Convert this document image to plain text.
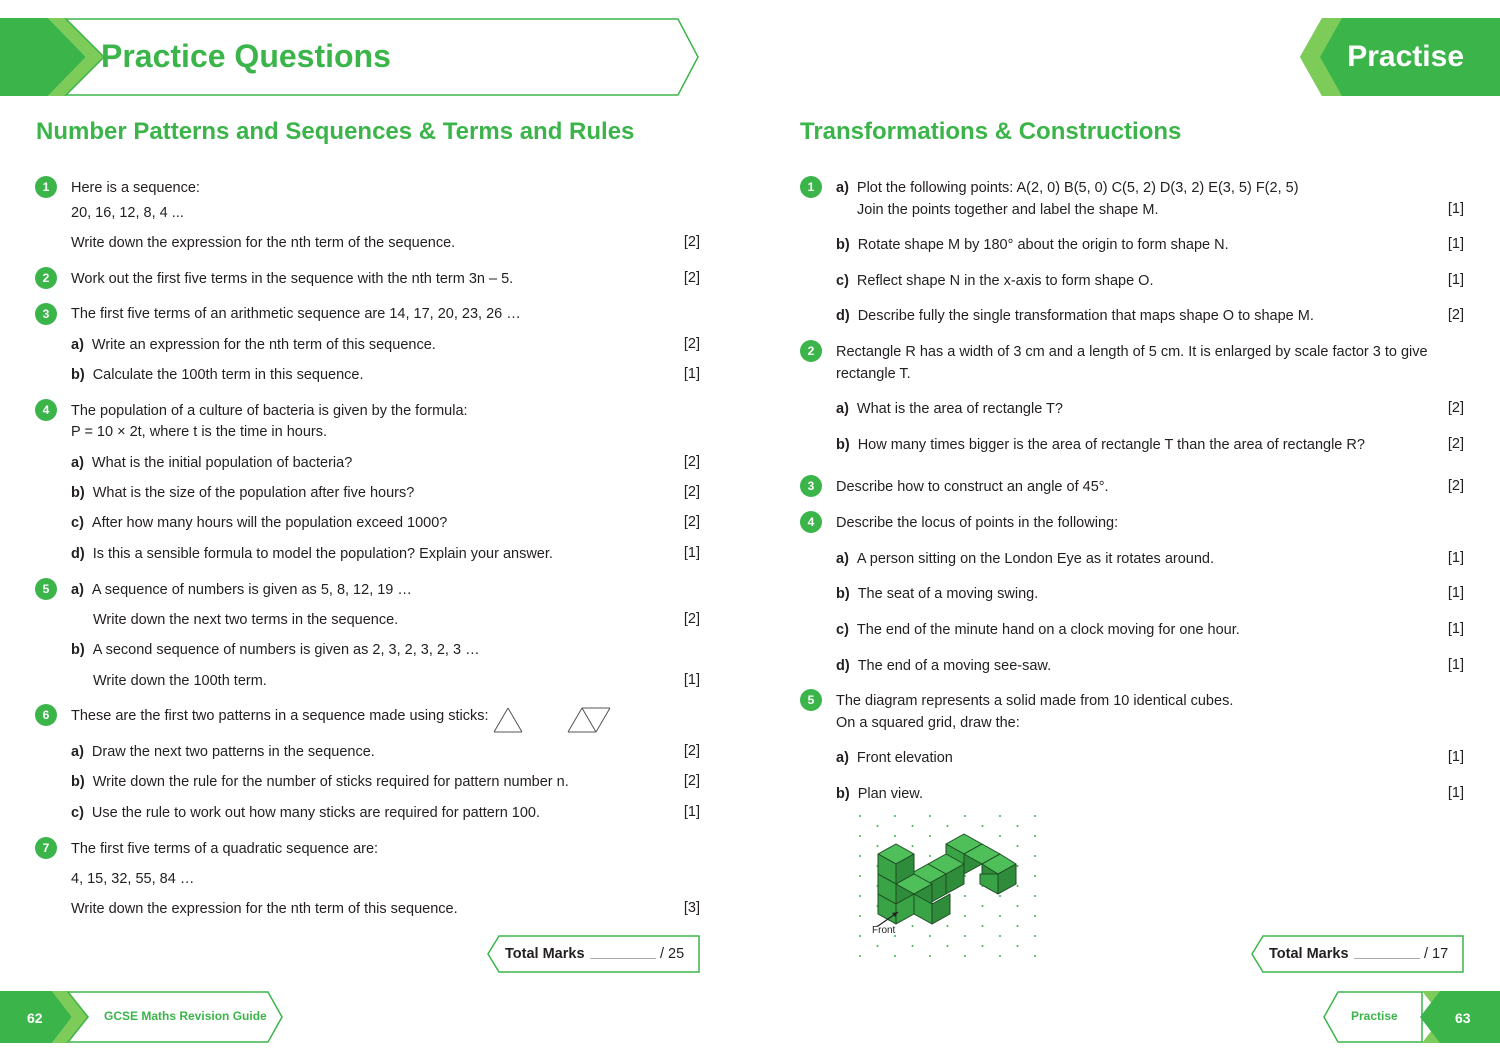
Practice Questions	Practise
Number Patterns and Sequences & Terms and Rules
1	Here is a sequence:
20, 16, 12, 8, 4 ...
Write down the expression for the nth term of the sequence.	[2]
2	Work out the first five terms in the sequence with the nth term 3n – 5.	[2]
3	The first five terms of an arithmetic sequence are 14, 17, 20, 23, 26 …
a) Write an expression for the nth term of this sequence.	[2]
b) Calculate the 100th term in this sequence.	[1]
4	The population of a culture of bacteria is given by the formula:
P = 10 × 2t, where t is the time in hours.
a) What is the initial population of bacteria?	[2]
b) What is the size of the population after five hours?	[2]
c) After how many hours will the population exceed 1000?	[2]
d) Is this a sensible formula to model the population? Explain your answer.	[1]
5	a) A sequence of numbers is given as 5, 8, 12, 19 …
Write down the next two terms in the sequence.	[2]
b) A second sequence of numbers is given as 2, 3, 2, 3, 2, 3 …
Write down the 100th term.	[1]
6	These are the first two patterns in a sequence made using sticks:
a) Draw the next two patterns in the sequence.	[2]
b) Write down the rule for the number of sticks required for pattern number n.	[2]
c) Use the rule to work out how many sticks are required for pattern 100.	[1]
7	The first five terms of a quadratic sequence are:
4, 15, 32, 55, 84 …
Write down the expression for the nth term of this sequence.	[3]
Total Marks	/ 25
Transformations & Constructions
1	a) Plot the following points: A(2, 0) B(5, 0) C(5, 2) D(3, 2) E(3, 5) F(2, 5)
Join the points together and label the shape M.	[1]
b) Rotate shape M by 180° about the origin to form shape N.	[1]
c) Reflect shape N in the x-axis to form shape O.	[1]
d) Describe fully the single transformation that maps shape O to shape M.	[2]
2	Rectangle R has a width of 3 cm and a length of 5 cm. It is enlarged by scale factor 3 to give
rectangle T.
a) What is the area of rectangle T?	[2]
b) How many times bigger is the area of rectangle T than the area of rectangle R?	[2]
3	Describe how to construct an angle of 45°.	[2]
4	Describe the locus of points in the following:
a) A person sitting on the London Eye as it rotates around.	[1]
b) The seat of a moving swing.	[1]
c) The end of the minute hand on a clock moving for one hour.	[1]
d) The end of a moving see-saw.	[1]
5	The diagram represents a solid made from 10 identical cubes.
On a squared grid, draw the:
a) Front elevation	[1]
b) Plan view.	[1]
Front
Total Marks	/ 17
62	GCSE Maths Revision Guide	Practise	63
